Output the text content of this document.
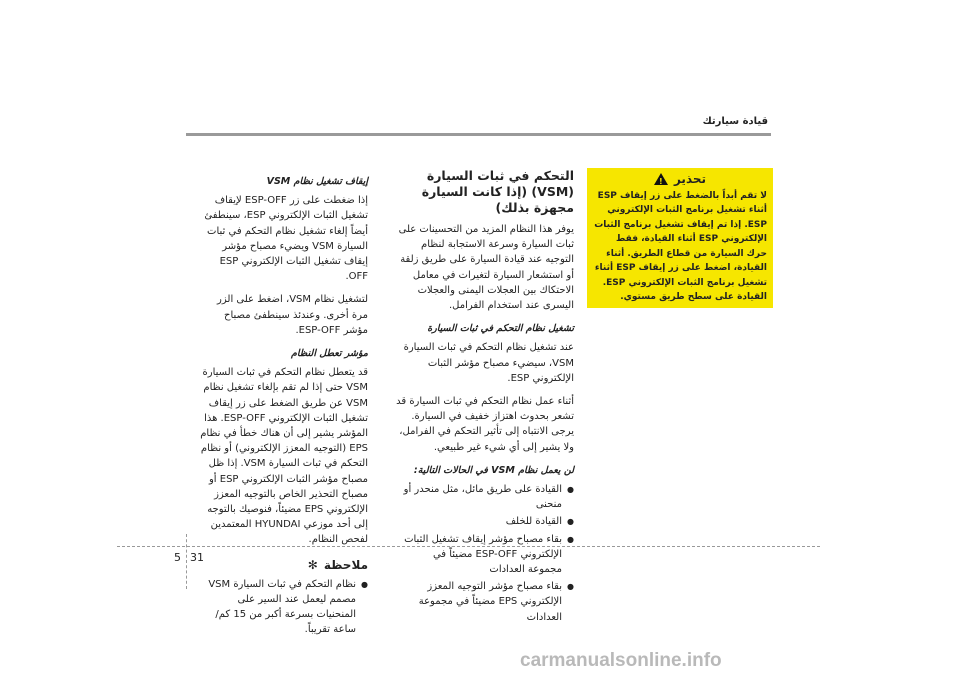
قيادة سيارتك
تحذير
!
لا تقم أبداً بالضغط على زر إيقاف ESP أثناء تشغيل برنامج الثبات الإلكتروني ESP. إذا تم إيقاف تشغيل برنامج الثبات الإلكتروني ESP أثناء القيادة، فقط حرك السيارة من قطاع الطريق. أثناء القيادة، اضغط على زر إيقاف ESP أثناء تشغيل برنامج الثبات الإلكتروني ESP. القيادة على سطح طريق مستوي.
التحكم في ثبات السيارة (VSM) (إذا كانت السيارة مجهزة بذلك)

يوفر هذا النظام المزيد من التحسينات على ثبات السيارة وسرعة الاستجابة لنظام التوجيه عند قيادة السيارة على طريق زلقة أو استشعار السيارة لتغيرات في معامل الاحتكاك بين العجلات اليمنى والعجلات اليسرى عند استخدام الفرامل.

تشغيل نظام التحكم في ثبات السيارة

عند تشغيل نظام التحكم في ثبات السيارة VSM، سيضيء مصباح مؤشر الثبات الإلكتروني ESP.

أثناء عمل نظام التحكم في ثبات السيارة قد تشعر بحدوث اهتزاز خفيف في السيارة. يرجى الانتباه إلى تأثير التحكم في الفرامل، ولا يشير إلى أي شيء غير طبيعي.

لن يعمل نظام VSM في الحالات التالية:
● القيادة على طريق مائل، مثل منحدر أو منحنى
● القيادة للخلف
● بقاء مصباح مؤشر إيقاف تشغيل الثبات الإلكتروني ESP-OFF مضيئاً في مجموعة العدادات
● بقاء مصباح مؤشر التوجيه المعزز الإلكتروني EPS مضيئاً في مجموعة العدادات
إيقاف تشغيل نظام VSM

إذا ضغطت على زر ESP-OFF لإيقاف تشغيل الثبات الإلكتروني ESP، سينطفئ أيضاً إلغاء تشغيل نظام التحكم في ثبات السيارة VSM ويضيء مصباح مؤشر إيقاف تشغيل الثبات الإلكتروني ESP OFF.

لتشغيل نظام VSM، اضغط على الزر مرة أخرى. وعندئذ سينطفئ مصباح مؤشر ESP-OFF.

مؤشر تعطل النظام

قد يتعطل نظام التحكم في ثبات السيارة VSM حتى إذا لم تقم بإلغاء تشغيل نظام VSM عن طريق الضغط على زر إيقاف تشغيل الثبات الإلكتروني ESP-OFF. هذا المؤشر يشير إلى أن هناك خطأ في نظام EPS (التوجيه المعزز الإلكتروني) أو نظام التحكم في ثبات السيارة VSM. إذا ظل مصباح مؤشر الثبات الإلكتروني ESP أو مصباح التحذير الخاص بالتوجيه المعزز الإلكتروني EPS مضيئاً، فنوصيك بالتوجه إلى أحد موزعي HYUNDAI المعتمدين لفحص النظام.

ملاحظة
✻
● نظام التحكم في ثبات السيارة VSM مصمم ليعمل عند السير على المنحنيات بسرعة أكبر من 15 كم/ساعة تقريباً.
5 31
carmanualsonline.info
